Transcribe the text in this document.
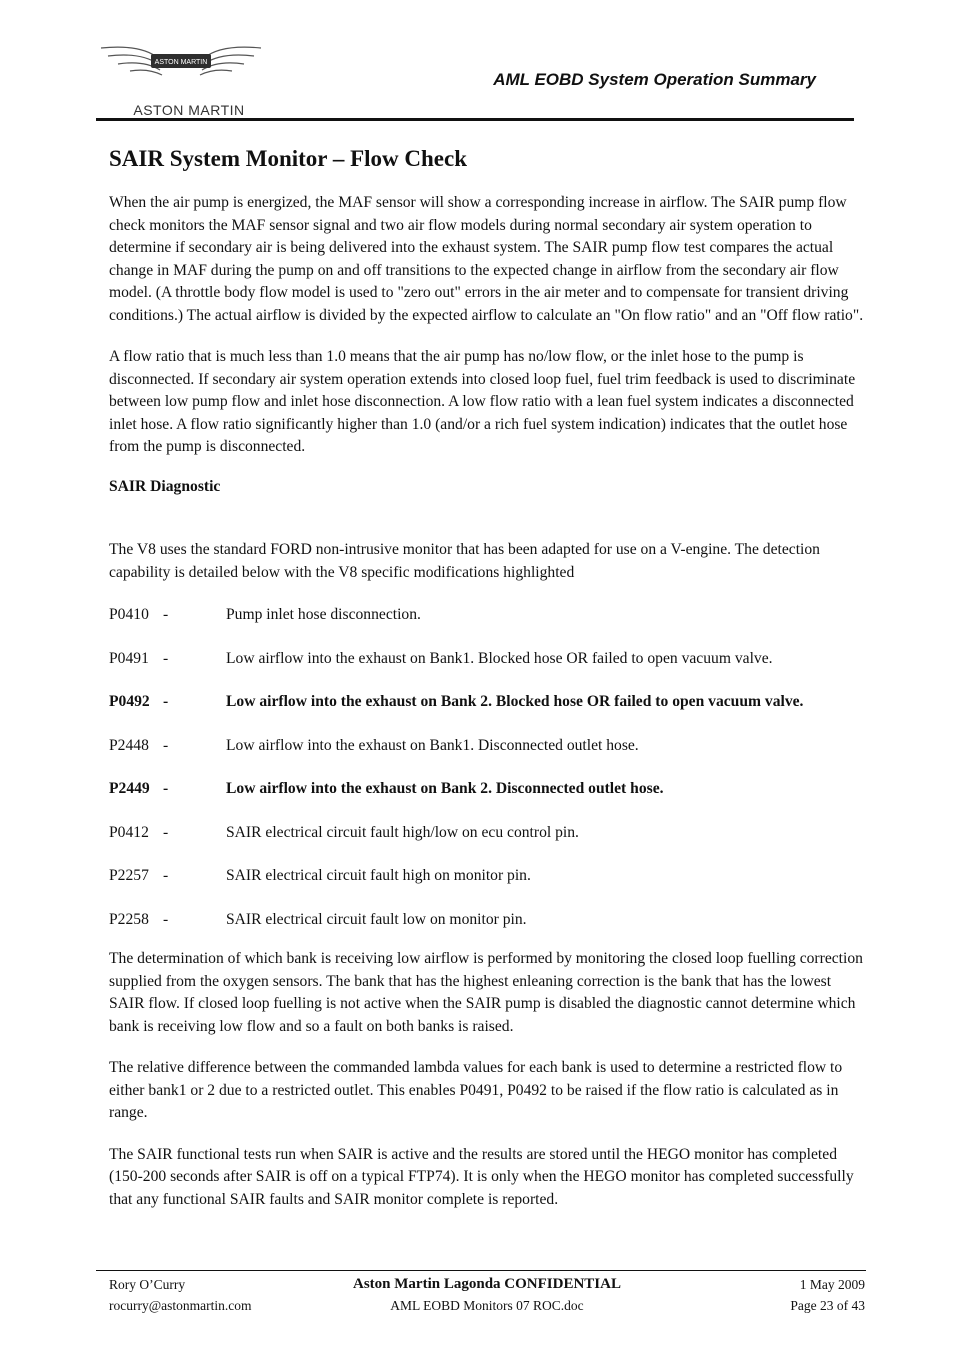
ASTON MARTIN
ASTON MARTIN
AML EOBD System Operation Summary
SAIR System Monitor – Flow Check

When the air pump is energized, the MAF sensor will show a corresponding increase in airflow. The SAIR pump flow check monitors the MAF sensor signal and two air flow models during normal secondary air system operation to determine if secondary air is being delivered into the exhaust system. The SAIR pump flow test compares the actual change in MAF during the pump on and off transitions to the expected change in airflow from the secondary air flow model. (A throttle body flow model is used to "zero out" errors in the air meter and to compensate for transient driving conditions.) The actual airflow is divided by the expected airflow to calculate an "On flow ratio" and an "Off flow ratio".

A flow ratio that is much less than 1.0 means that the air pump has no/low flow, or the inlet hose to the pump is disconnected. If secondary air system operation extends into closed loop fuel, fuel trim feedback is used to discriminate between low pump flow and inlet hose disconnection. A low flow ratio with a lean fuel system indicates a disconnected inlet hose. A flow ratio significantly higher than 1.0 (and/or a rich fuel system indication) indicates that the outlet hose from the pump is disconnected.

SAIR Diagnostic

The V8 uses the standard FORD non-intrusive monitor that has been adapted for use on a V-engine. The detection capability is detailed below with the V8 specific modifications highlighted

P0410 -	Pump inlet hose disconnection.
P0491 -	Low airflow into the exhaust on Bank1. Blocked hose OR failed to open vacuum valve.
P0492 -	Low airflow into the exhaust on Bank 2. Blocked hose OR failed to open vacuum valve.
P2448 -	Low airflow into the exhaust on Bank1. Disconnected outlet hose.
P2449 -	Low airflow into the exhaust on Bank 2. Disconnected outlet hose.
P0412 -	SAIR electrical circuit fault high/low on ecu control pin.
P2257 -	SAIR electrical circuit fault high on monitor pin.
P2258 -	SAIR electrical circuit fault low on monitor pin.

The determination of which bank is receiving low airflow is performed by monitoring the closed loop fuelling correction supplied from the oxygen sensors. The bank that has the highest enleaning correction is the bank that has the lowest SAIR flow. If closed loop fuelling is not active when the SAIR pump is disabled the diagnostic cannot determine which bank is receiving low flow and so a fault on both banks is raised.

The relative difference between the commanded lambda values for each bank is used to determine a restricted flow to either bank1 or 2 due to a restricted outlet. This enables P0491, P0492 to be raised if the flow ratio is calculated as in range.

The SAIR functional tests run when SAIR is active and the results are stored until the HEGO monitor has completed (150-200 seconds after SAIR is off on a typical FTP74). It is only when the HEGO monitor has completed successfully that any functional SAIR faults and SAIR monitor complete is reported.

Rory O’Curry	Aston Martin Lagonda CONFIDENTIAL	1 May 2009
rocurry@astonmartin.com	AML EOBD Monitors 07 ROC.doc	Page 23 of 43
